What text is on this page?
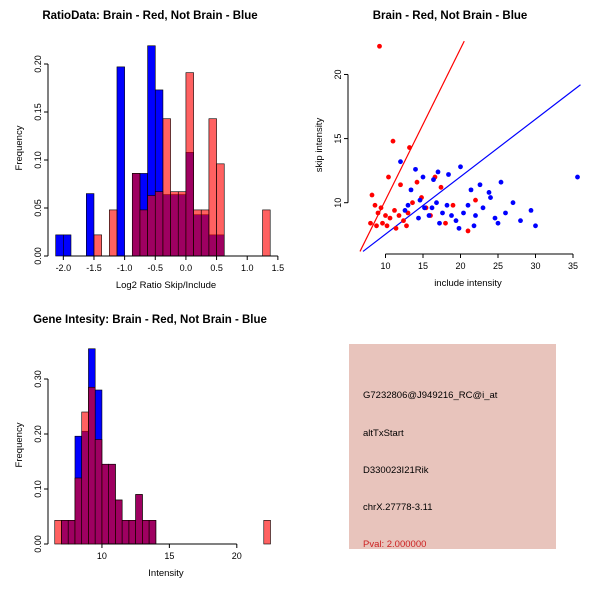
RatioData: Brain - Red, Not Brain - Blue
-2.0 -1.5 -1.0 -0.5 0.0 0.5 1.0 1.5
0.00
0.05
0.10
0.15
0.20
Log2 Ratio Skip/Include
Frequency
Brain - Red, Not Brain - Blue
10	15	20	25	30	35
10
15
20
include intensity
skip intensity
Gene Intesity: Brain - Red, Not Brain - Blue
10	15	20
0.00
0.10
0.20
0.30
Intensity
Frequency
G7232806@J949216_RC@i_at
altTxStart
D330023I21Rik
chrX.27778-3.11
Pval: 2.000000
